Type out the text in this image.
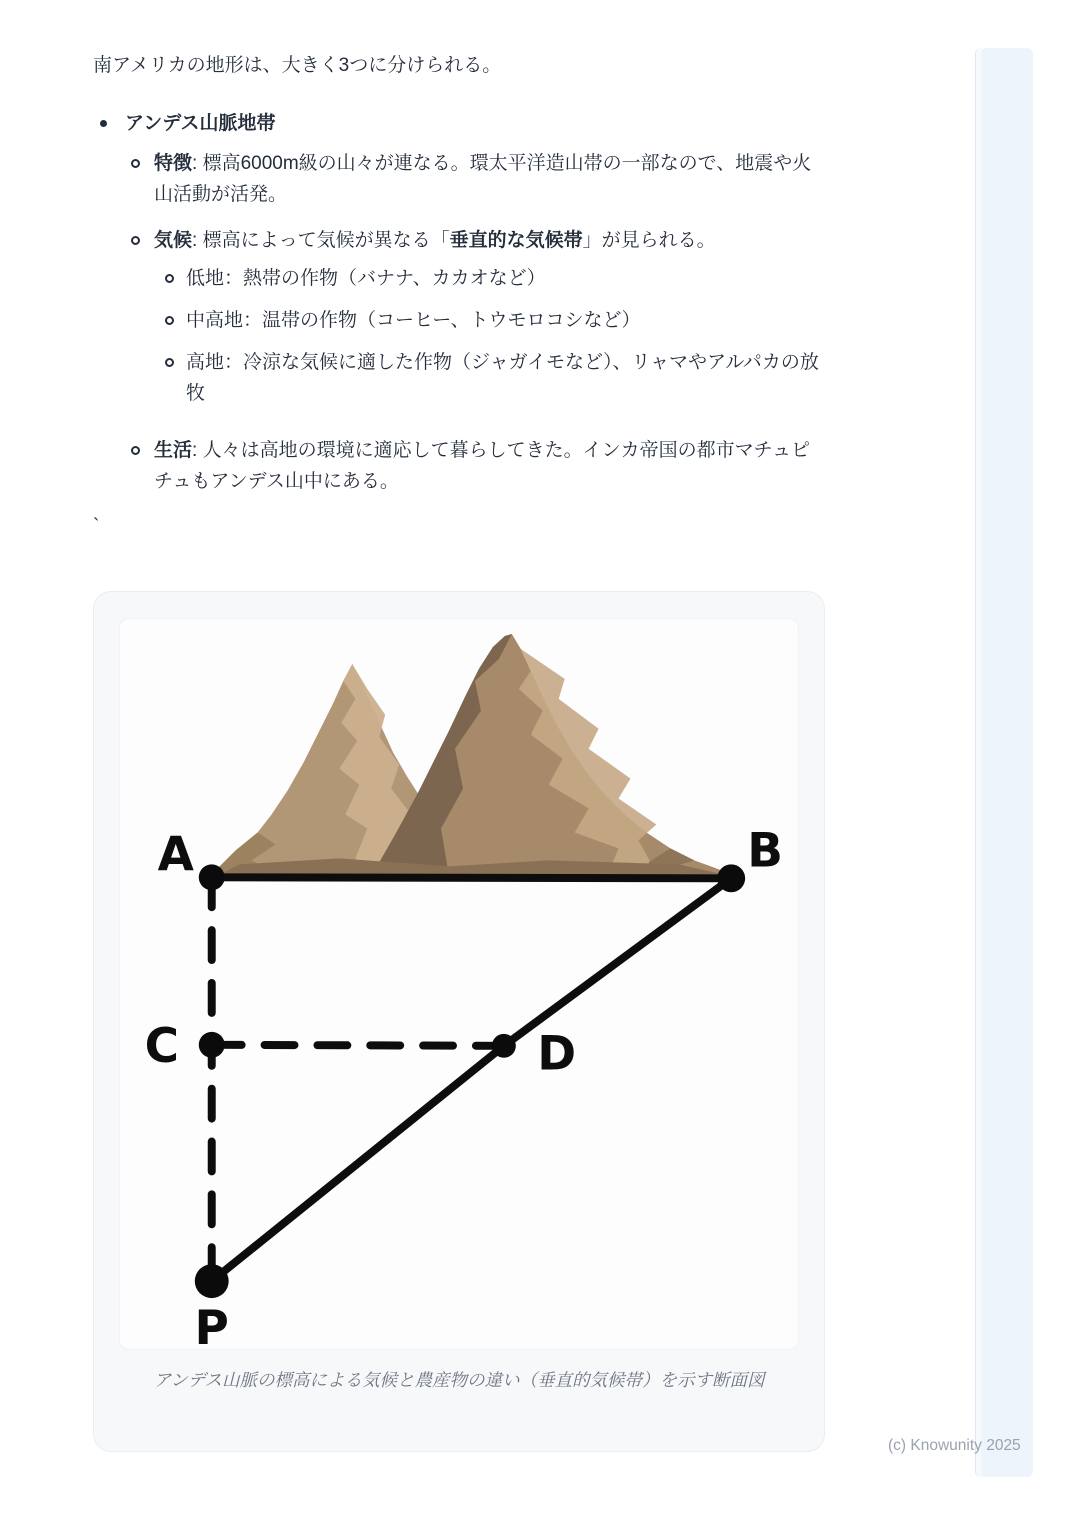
南アメリカの地形は、大きく3つに分けられる。

アンデス山脈地帯
特徴: 標高6000m級の山々が連なる。環太平洋造山帯の一部なので、地震や火山活動が活発。
気候: 標高によって気候が異なる「垂直的な気候帯」が見られる。
低地：熱帯の作物（バナナ、カカオなど）
中高地：温帯の作物（コーヒー、トウモロコシなど）
高地：冷涼な気候に適した作物（ジャガイモなど）、リャマやアルパカの放牧
生活: 人々は高地の環境に適応して暮らしてきた。インカ帝国の都市マチュピチュもアンデス山中にある。
`
A	B
C	D
P
アンデス山脈の標高による気候と農産物の違い（垂直的気候帯）を示す断面図
(c) Knowunity 2025
